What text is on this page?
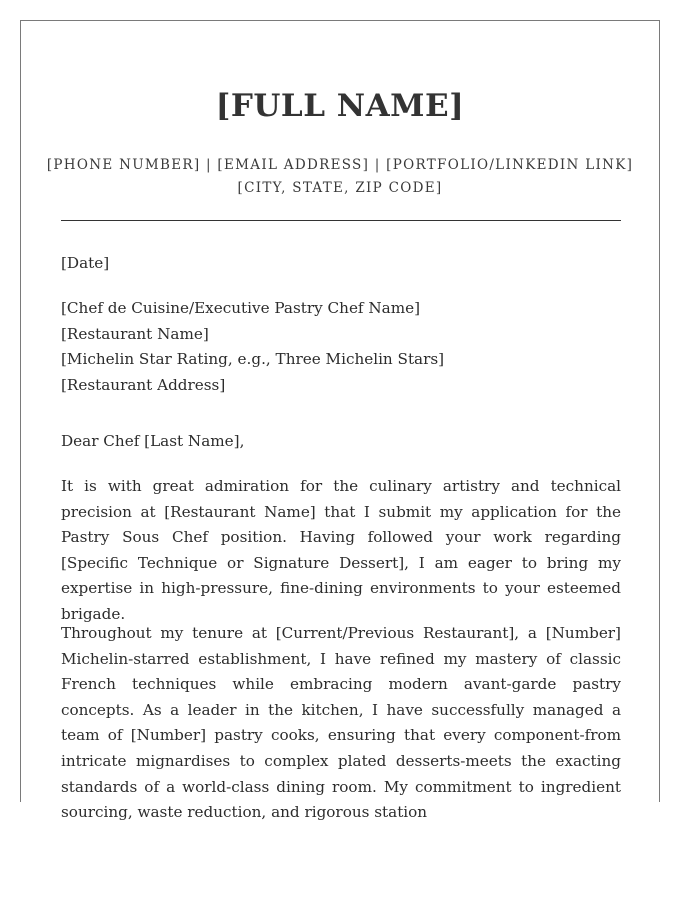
[FULL NAME]
[PHONE NUMBER] | [EMAIL ADDRESS] | [PORTFOLIO/LINKEDIN LINK]
[CITY, STATE, ZIP CODE]
[Date]
[Chef de Cuisine/Executive Pastry Chef Name]
[Restaurant Name]
[Michelin Star Rating, e.g., Three Michelin Stars]
[Restaurant Address]
Dear Chef [Last Name],
It is with great admiration for the culinary artistry and technical precision at [Restaurant Name] that I submit my application for the Pastry Sous Chef position. Having followed your work regarding [Specific Technique or Signature Dessert], I am eager to bring my expertise in high-pressure, fine-dining environments to your esteemed brigade.
Throughout my tenure at [Current/Previous Restaurant], a [Number] Michelin-starred establishment, I have refined my mastery of classic French techniques while embracing modern avant-garde pastry concepts. As a leader in the kitchen, I have successfully managed a team of [Number] pastry cooks, ensuring that every component-from intricate mignardises to complex plated desserts-meets the exacting standards of a world-class dining room. My commitment to ingredient sourcing, waste reduction, and rigorous station
